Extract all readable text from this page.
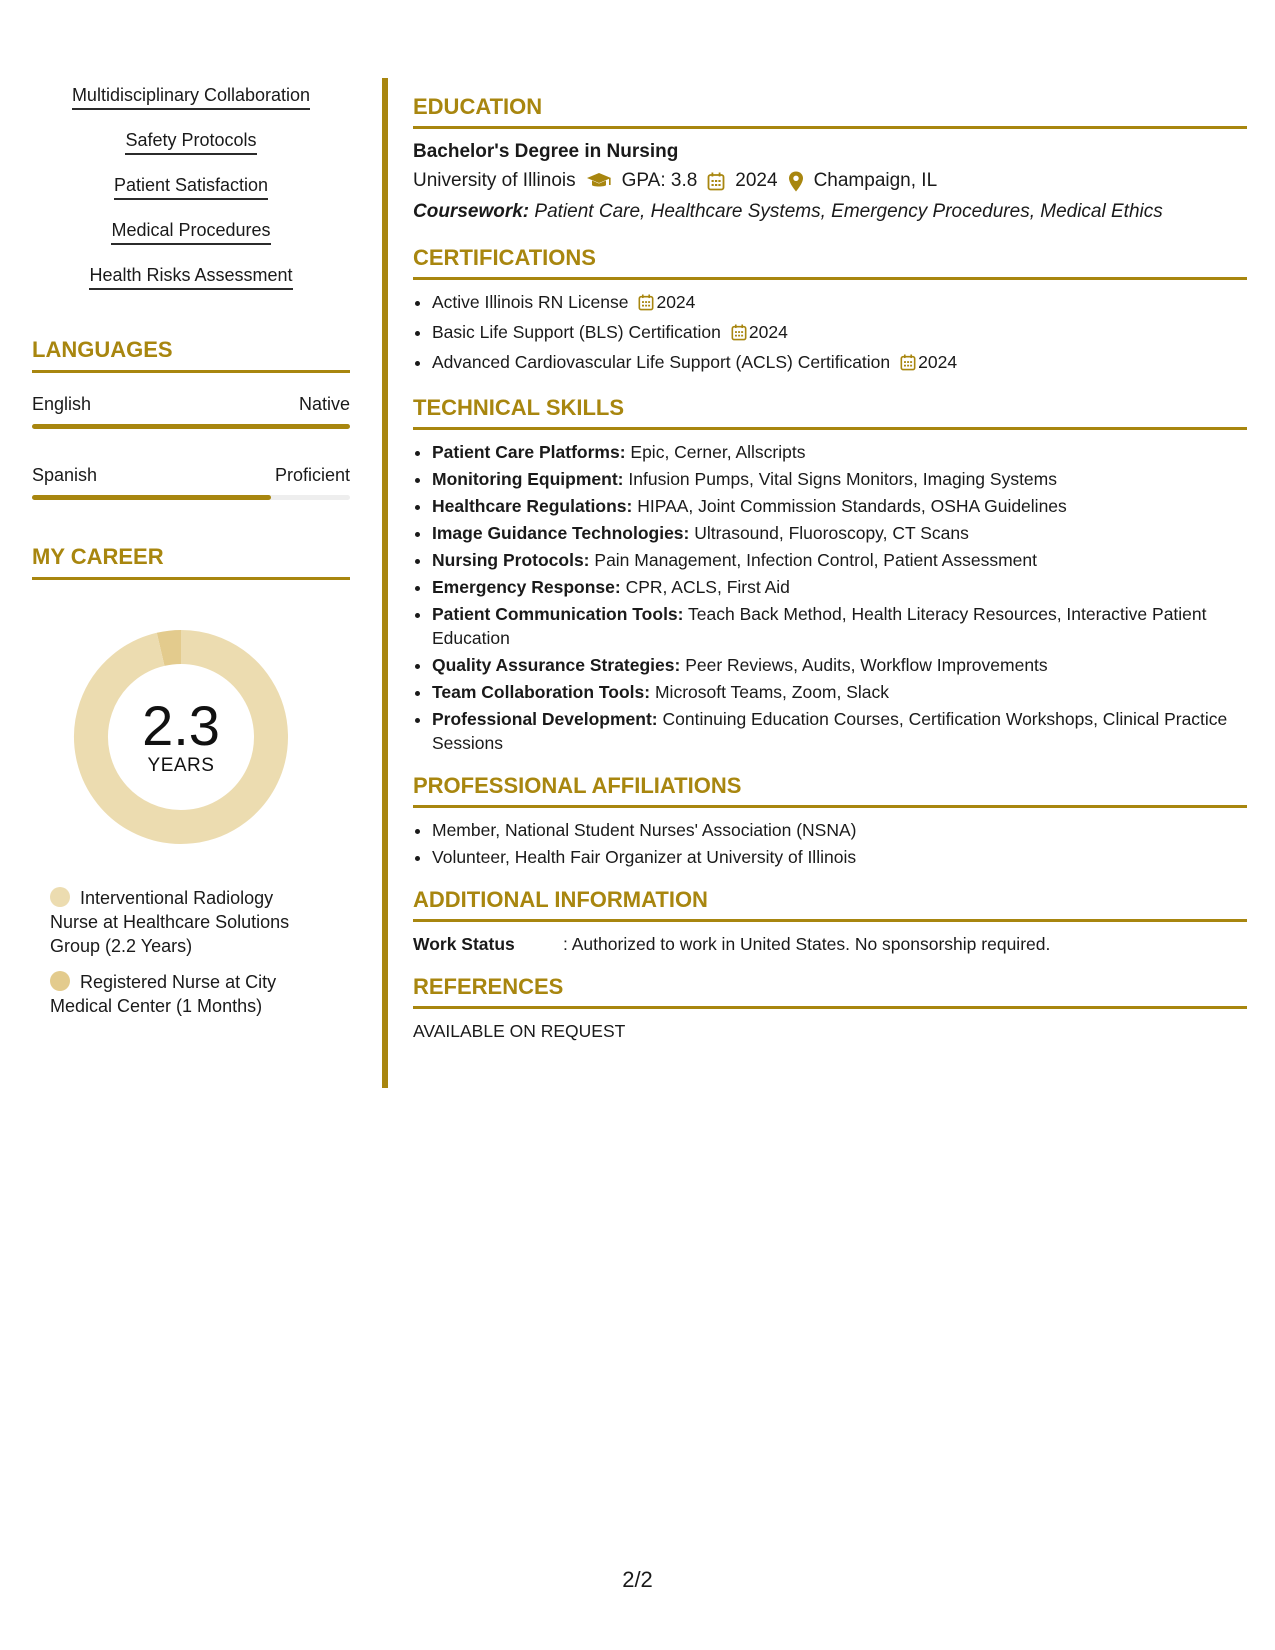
Multidisciplinary Collaboration
Safety Protocols
Patient Satisfaction
Medical Procedures
Health Risks Assessment
LANGUAGES
English	Native
Spanish	Proficient
MY CAREER
2.3
YEARS
Interventional Radiology Nurse at Healthcare Solutions Group (2.2 Years)
Registered Nurse at City Medical Center (1 Months)
EDUCATION
Bachelor's Degree in Nursing
University of Illinois GPA: 3.8 2024 Champaign, IL
Coursework: Patient Care, Healthcare Systems, Emergency Procedures, Medical Ethics
CERTIFICATIONS
• Active Illinois RN License 2024
• Basic Life Support (BLS) Certification 2024
• Advanced Cardiovascular Life Support (ACLS) Certification 2024
TECHNICAL SKILLS
• Patient Care Platforms: Epic, Cerner, Allscripts
• Monitoring Equipment: Infusion Pumps, Vital Signs Monitors, Imaging Systems
• Healthcare Regulations: HIPAA, Joint Commission Standards, OSHA Guidelines
• Image Guidance Technologies: Ultrasound, Fluoroscopy, CT Scans
• Nursing Protocols: Pain Management, Infection Control, Patient Assessment
• Emergency Response: CPR, ACLS, First Aid
• Patient Communication Tools: Teach Back Method, Health Literacy Resources, Interactive Patient Education
• Quality Assurance Strategies: Peer Reviews, Audits, Workflow Improvements
• Team Collaboration Tools: Microsoft Teams, Zoom, Slack
• Professional Development: Continuing Education Courses, Certification Workshops, Clinical Practice Sessions
PROFESSIONAL AFFILIATIONS
• Member, National Student Nurses' Association (NSNA)
• Volunteer, Health Fair Organizer at University of Illinois
ADDITIONAL INFORMATION
Work Status	: Authorized to work in United States. No sponsorship required.
REFERENCES
AVAILABLE ON REQUEST
2/2
